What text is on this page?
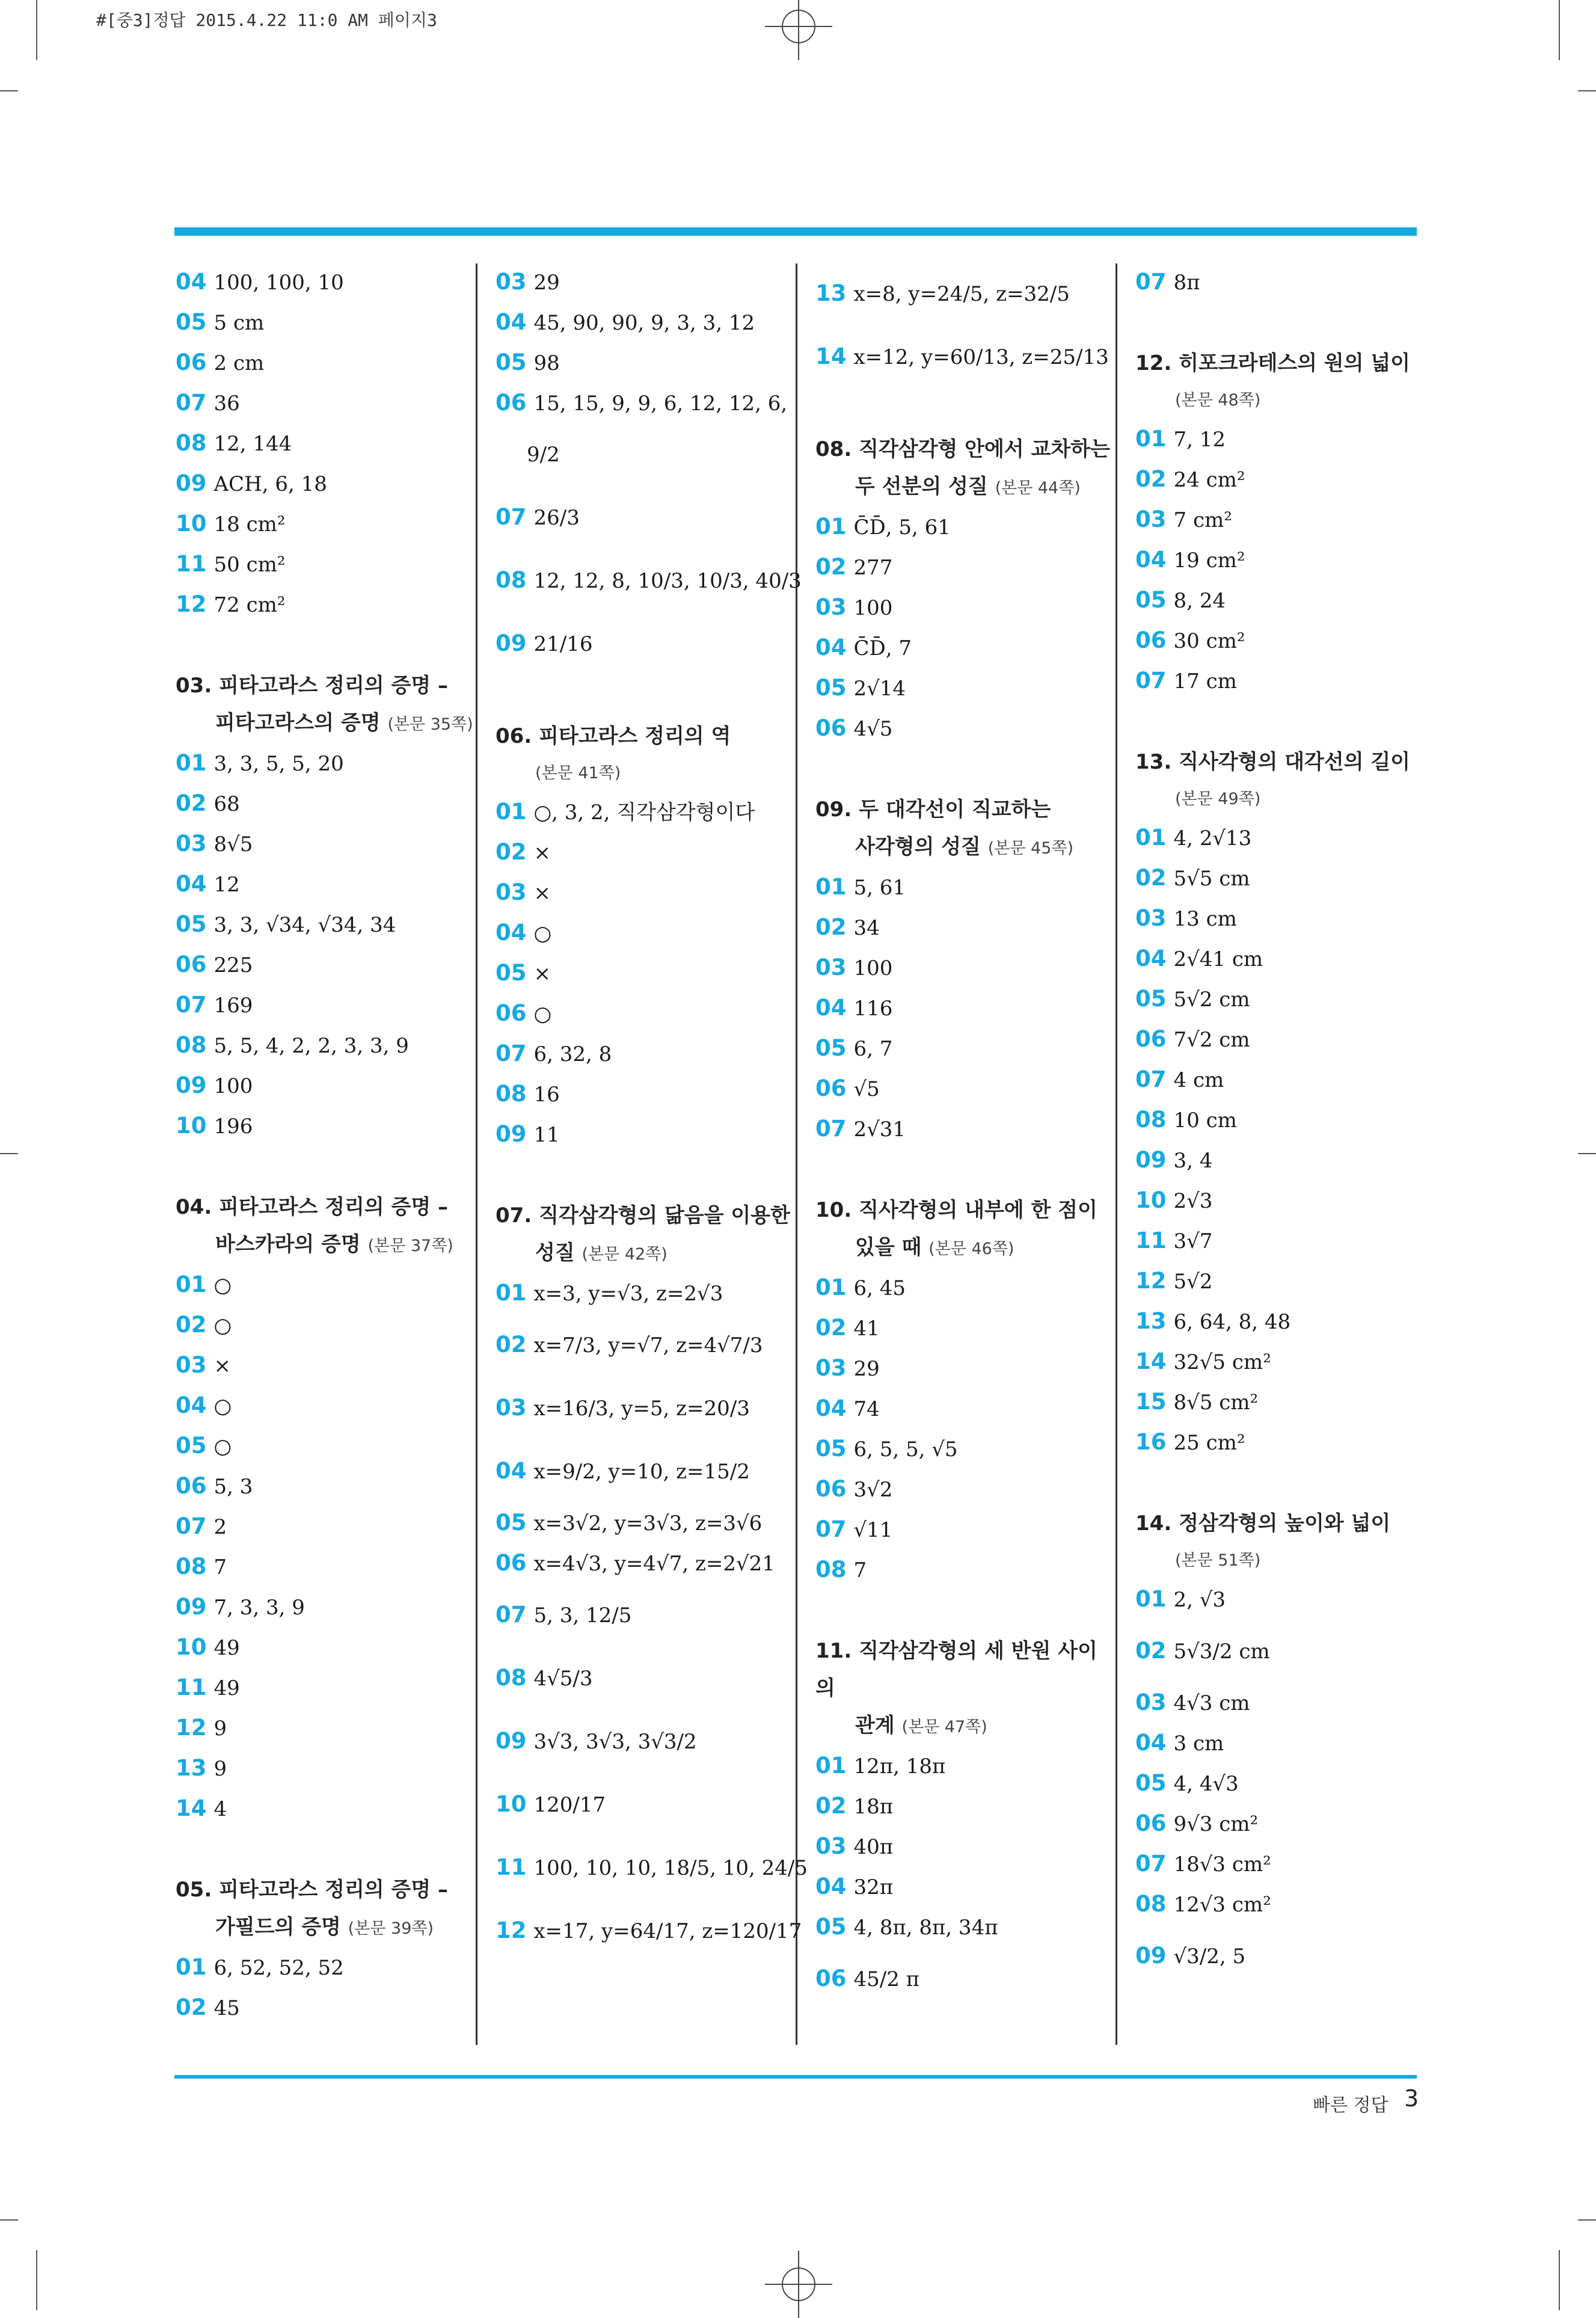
#[중3]정답 2015.4.22 11:0 AM 페이지3
04 100, 100, 10
05 5 cm
06 2 cm
07 36
08 12, 144
09 ACH, 6, 18
10 18 cm²
11 50 cm²
12 72 cm²
03. 피타고라스 정리의 증명 –
피타고라스의 증명 (본문 35쪽)
01 3, 3, 5, 5, 20
02 68
03 8√5
04 12
05 3, 3, √34, √34, 34
06 225
07 169
08 5, 5, 4, 2, 2, 3, 3, 9
09 100
10 196
04. 피타고라스 정리의 증명 –
바스카라의 증명 (본문 37쪽)
01 ○
02 ○
03 ×
04 ○
05 ○
06 5, 3
07 2
08 7
09 7, 3, 3, 9
10 49
11 49
12 9
13 9
14 4
05. 피타고라스 정리의 증명 –
가필드의 증명 (본문 39쪽)
01 6, 52, 52, 52
02 45
03 29
04 45, 90, 90, 9, 3, 3, 12
05 98
06 15, 15, 9, 9, 6, 12, 12, 6,
9/2
07 26/3
08 12, 12, 8, 10/3, 10/3, 40/3
09 21/16
06. 피타고라스 정리의 역
(본문 41쪽)
01 ○, 3, 2, 직각삼각형이다
02 ×
03 ×
04 ○
05 ×
06 ○
07 6, 32, 8
08 16
09 11
07. 직각삼각형의 닮음을 이용한
성질 (본문 42쪽)
01 x=3, y=√3, z=2√3
02 x=7/3, y=√7, z=4√7/3
03 x=16/3, y=5, z=20/3
04 x=9/2, y=10, z=15/2
05 x=3√2, y=3√3, z=3√6
06 x=4√3, y=4√7, z=2√21
07 5, 3, 12/5
08 4√5/3
09 3√3, 3√3, 3√3/2
10 120/17
11 100, 10, 10, 18/5, 10, 24/5
12 x=17, y=64/17, z=120/17
13 x=8, y=24/5, z=32/5
14 x=12, y=60/13, z=25/13
08. 직각삼각형 안에서 교차하는
두 선분의 성질 (본문 44쪽)
01 C̄D̄, 5, 61
02 277
03 100
04 C̄D̄, 7
05 2√14
06 4√5
09. 두 대각선이 직교하는
사각형의 성질 (본문 45쪽)
01 5, 61
02 34
03 100
04 116
05 6, 7
06 √5
07 2√31
10. 직사각형의 내부에 한 점이
있을 때 (본문 46쪽)
01 6, 45
02 41
03 29
04 74
05 6, 5, 5, √5
06 3√2
07 √11
08 7
11. 직각삼각형의 세 반원 사이의
관계 (본문 47쪽)
01 12π, 18π
02 18π
03 40π
04 32π
05 4, 8π, 8π, 34π
06 45/2 π
07 8π
12. 히포크라테스의 원의 넓이
(본문 48쪽)
01 7, 12
02 24 cm²
03 7 cm²
04 19 cm²
05 8, 24
06 30 cm²
07 17 cm
13. 직사각형의 대각선의 길이
(본문 49쪽)
01 4, 2√13
02 5√5 cm
03 13 cm
04 2√41 cm
05 5√2 cm
06 7√2 cm
07 4 cm
08 10 cm
09 3, 4
10 2√3
11 3√7
12 5√2
13 6, 64, 8, 48
14 32√5 cm²
15 8√5 cm²
16 25 cm²
14. 정삼각형의 높이와 넓이
(본문 51쪽)
01 2, √3
02 5√3/2 cm
03 4√3 cm
04 3 cm
05 4, 4√3
06 9√3 cm²
07 18√3 cm²
08 12√3 cm²
09 √3/2, 5
빠른 정답 3
